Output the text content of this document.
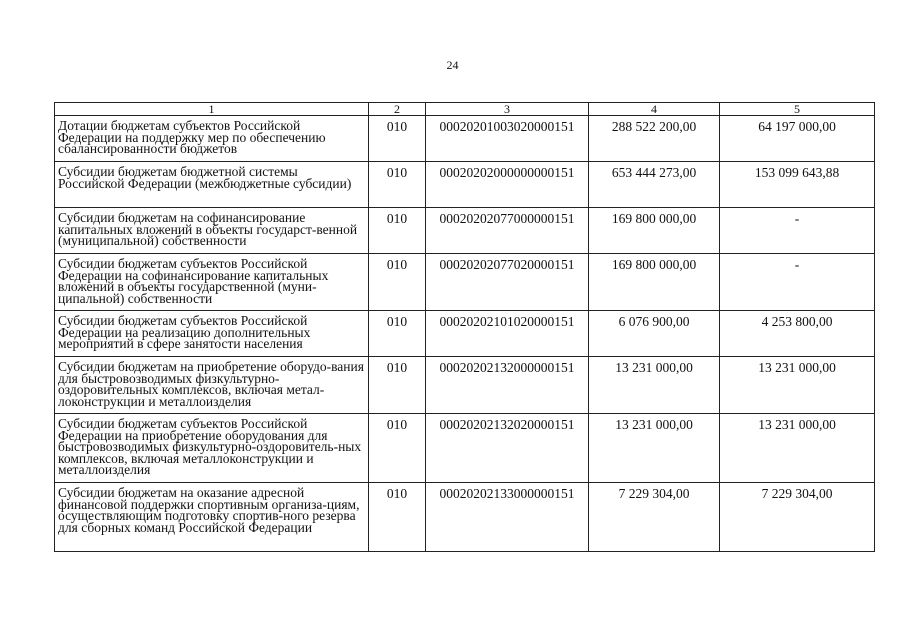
24
1	2	3	4	5
Дотации бюджетам субъектов Российской Федерации на поддержку мер по обеспечению сбалансированности бюджетов	010	00020201003020000151	288 522 200,00	64 197 000,00
Субсидии бюджетам бюджетной системы Российской Федерации (межбюджетные субсидии)	010	00020202000000000151	653 444 273,00	153 099 643,88
Субсидии бюджетам на софинансирование капитальных вложений в объекты государст-венной (муниципальной) собственности	010	00020202077000000151	169 800 000,00	-
Субсидии бюджетам субъектов Российской Федерации на софинансирование капитальных вложений в объекты государственной (муни-ципальной) собственности	010	00020202077020000151	169 800 000,00	-
Субсидии бюджетам субъектов Российской Федерации на реализацию дополнительных мероприятий в сфере занятости населения	010	00020202101020000151	6 076 900,00	4 253 800,00
Субсидии бюджетам на приобретение оборудо-вания для быстровозводимых физкультурно-оздоровительных комплексов, включая метал-локонструкции и металлоизделия	010	00020202132000000151	13 231 000,00	13 231 000,00
Субсидии бюджетам субъектов Российской Федерации на приобретение оборудования для быстровозводимых физкультурно-оздоровитель-ных комплексов, включая металлоконструкции и металлоизделия	010	00020202132020000151	13 231 000,00	13 231 000,00
Субсидии бюджетам на оказание адресной финансовой поддержки спортивным организа-циям, осуществляющим подготовку спортив-ного резерва для сборных команд Российской Федерации	010	00020202133000000151	7 229 304,00	7 229 304,00
